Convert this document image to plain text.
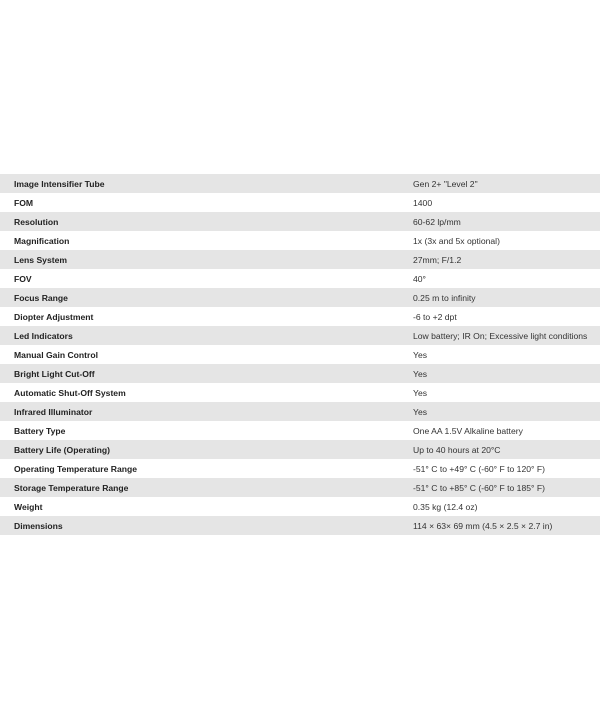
Image Intensifier Tube	Gen 2+ "Level 2"
FOM	1400
Resolution	60-62 lp/mm
Magnification	1x (3x and 5x optional)
Lens System	27mm; F/1.2
FOV	40°
Focus Range	0.25 m to infinity
Diopter Adjustment	-6 to +2 dpt
Led Indicators	Low battery; IR On; Excessive light conditions
Manual Gain Control	Yes
Bright Light Cut-Off	Yes
Automatic Shut-Off System	Yes
Infrared Illuminator	Yes
Battery Type	One AA 1.5V Alkaline battery
Battery Life (Operating)	Up to 40 hours at 20°C
Operating Temperature Range	-51° C to +49° C (-60° F to 120° F)
Storage Temperature Range	-51° C to +85° C (-60° F to 185° F)
Weight	0.35 kg (12.4 oz)
Dimensions	114 × 63× 69 mm (4.5 × 2.5 × 2.7 in)
